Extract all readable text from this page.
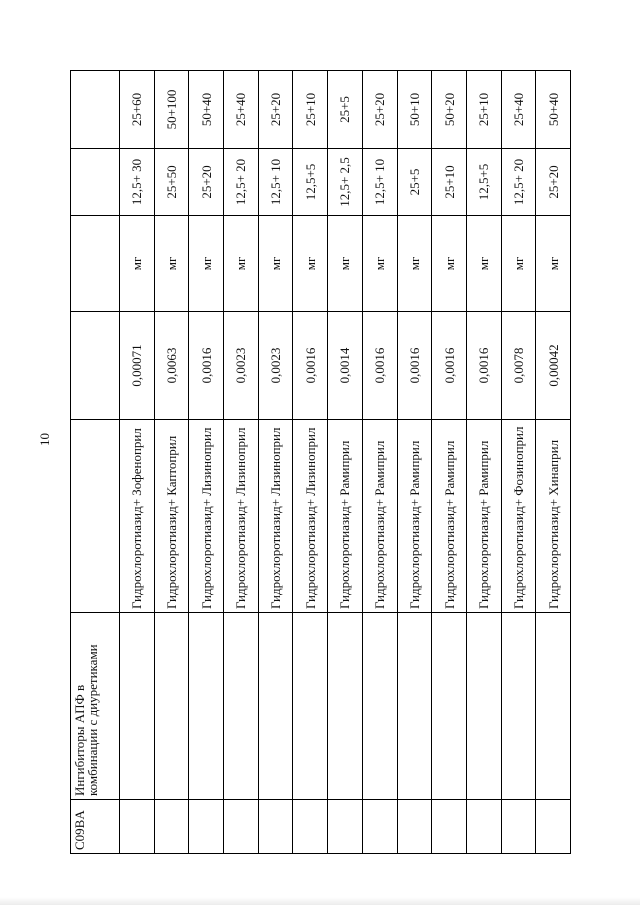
10
C09BA	Ингибиторы АПФ в комбинации с диуретиками					
		Гидрохлоротиазид+ Зофеноприл	0,00071	мг	12,5+ 30	25+60
		Гидрохлоротиазид+ Каптоприл	0,0063	мг	25+50	50+100
		Гидрохлоротиазид+ Лизиноприл	0,0016	мг	25+20	50+40
		Гидрохлоротиазид+ Лизиноприл	0,0023	мг	12,5+ 20	25+40
		Гидрохлоротиазид+ Лизиноприл	0,0023	мг	12,5+ 10	25+20
		Гидрохлоротиазид+ Лизиноприл	0,0016	мг	12,5+5	25+10
		Гидрохлоротиазид+ Рамиприл	0,0014	мг	12,5+ 2,5	25+5
		Гидрохлоротиазид+ Рамиприл	0,0016	мг	12,5+ 10	25+20
		Гидрохлоротиазид+ Рамиприл	0,0016	мг	25+5	50+10
		Гидрохлоротиазид+ Рамиприл	0,0016	мг	25+10	50+20
		Гидрохлоротиазид+ Рамиприл	0,0016	мг	12,5+5	25+10
		Гидрохлоротиазид+ Фозиноприл	0,0078	мг	12,5+ 20	25+40
		Гидрохлоротиазид+ Хинаприл	0,00042	мг	25+20	50+40
